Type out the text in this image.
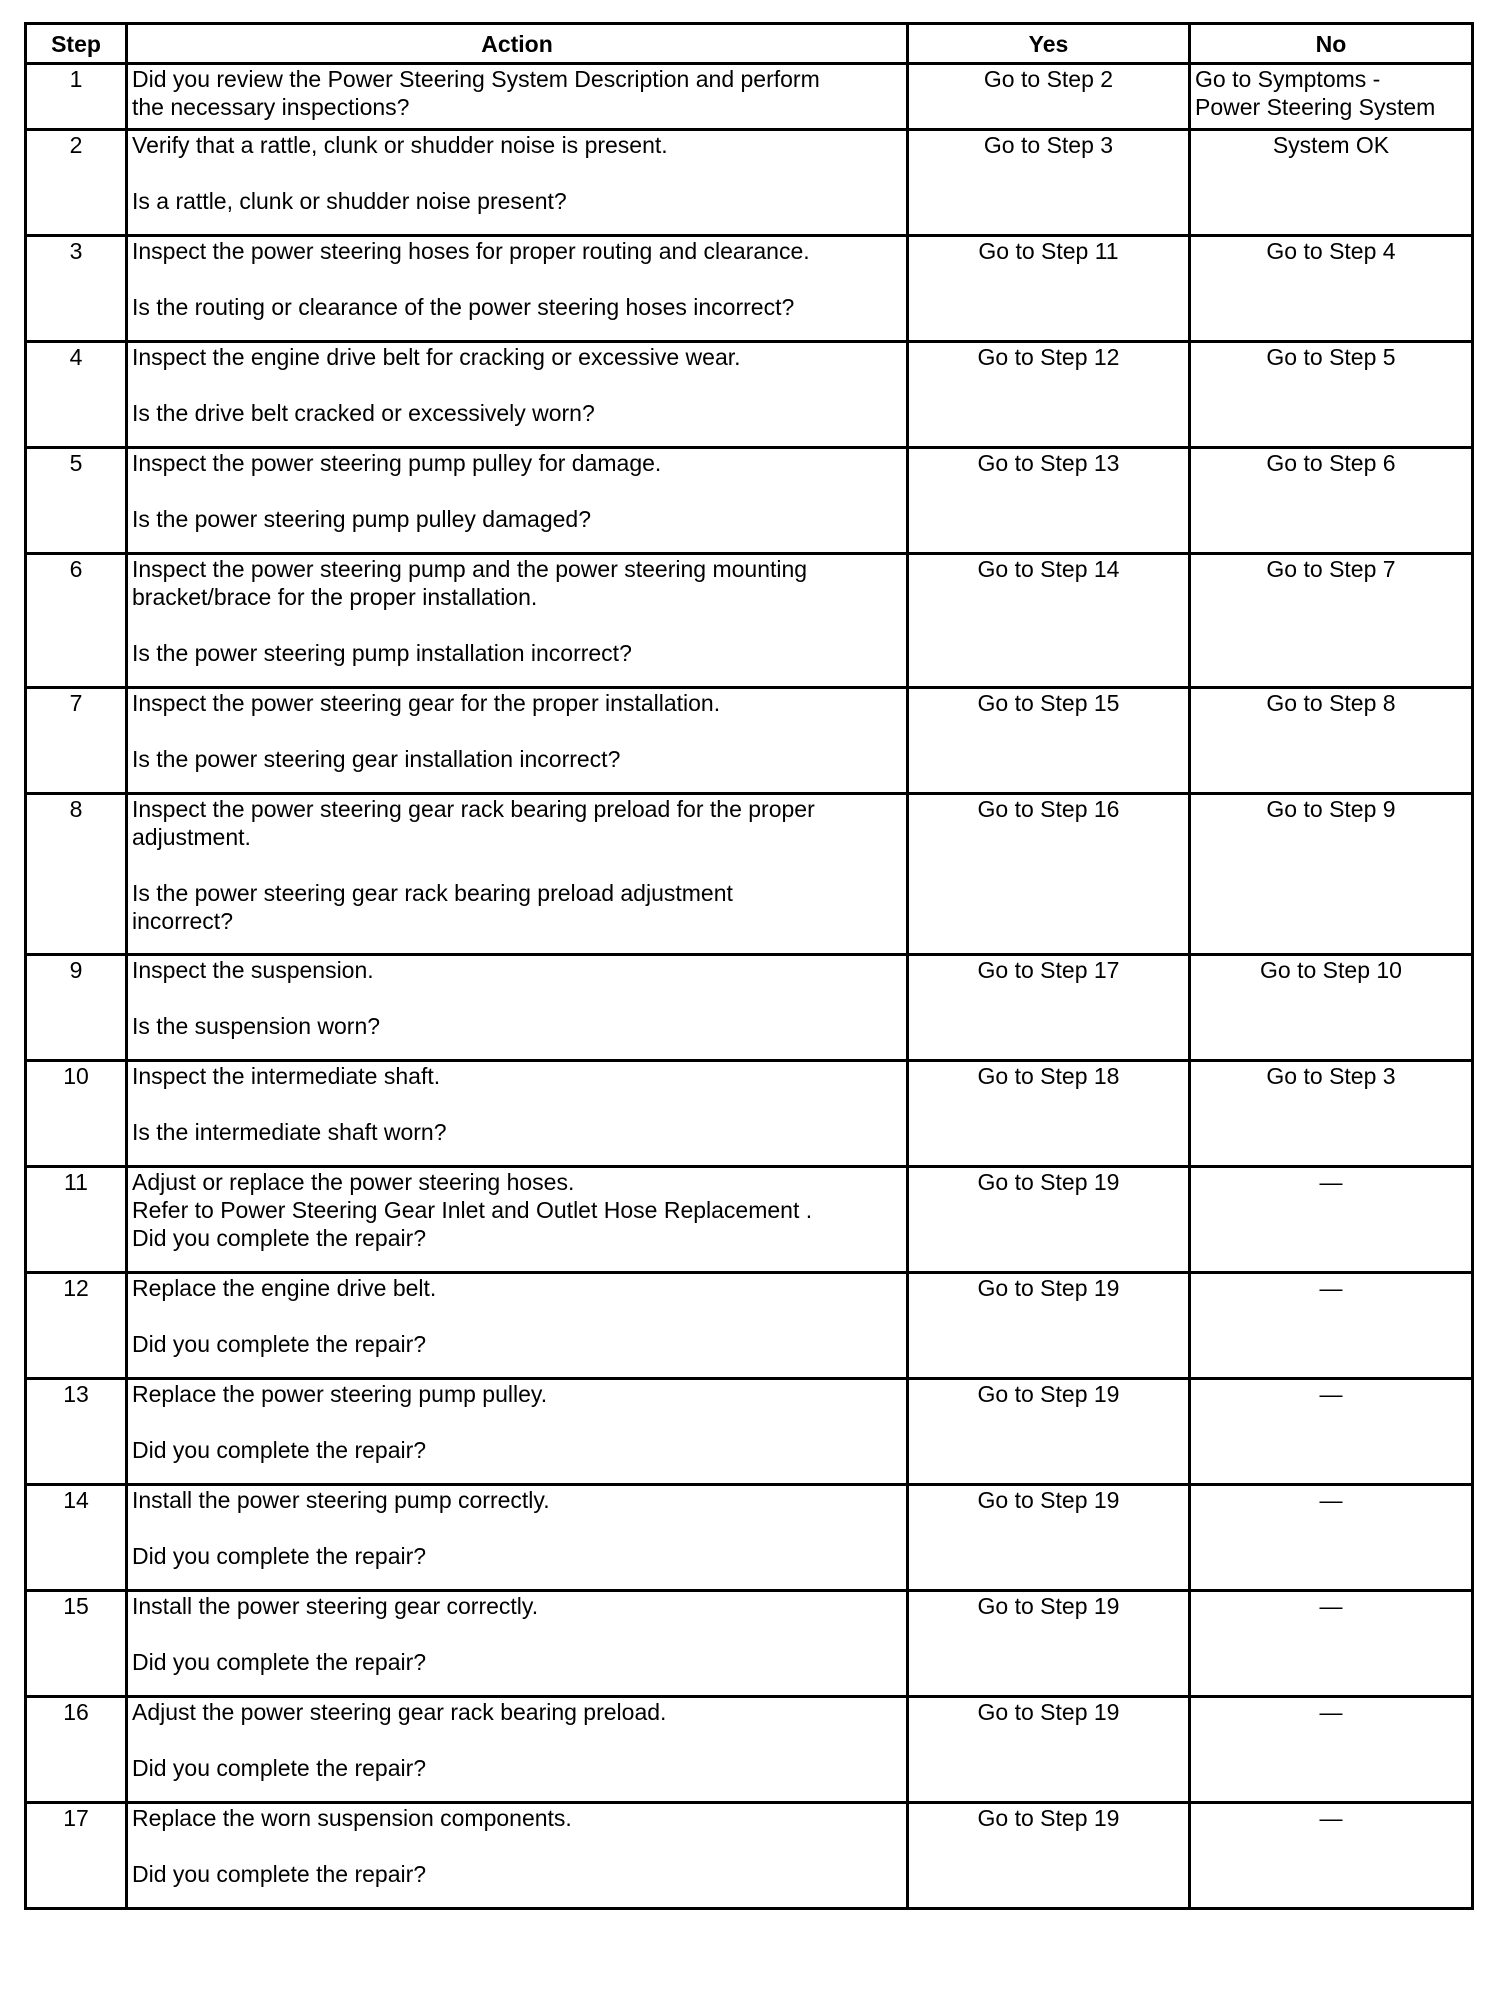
Step	Action	Yes	No
1	Did you review the Power Steering System Description and perform
the necessary inspections?	Go to Step 2	Go to Symptoms -
Power Steering System

2	Verify that a rattle, clunk or shudder noise is present.
Is a rattle, clunk or shudder noise present?	Go to Step 3	System OK

3	Inspect the power steering hoses for proper routing and clearance.
Is the routing or clearance of the power steering hoses incorrect?	Go to Step 11	Go to Step 4

4	Inspect the engine drive belt for cracking or excessive wear.
Is the drive belt cracked or excessively worn?	Go to Step 12	Go to Step 5

5	Inspect the power steering pump pulley for damage.
Is the power steering pump pulley damaged?	Go to Step 13	Go to Step 6

6	Inspect the power steering pump and the power steering mounting
bracket/brace for the proper installation.
Is the power steering pump installation incorrect?	Go to Step 14	Go to Step 7

7	Inspect the power steering gear for the proper installation.
Is the power steering gear installation incorrect?	Go to Step 15	Go to Step 8

8	Inspect the power steering gear rack bearing preload for the proper
adjustment.
Is the power steering gear rack bearing preload adjustment
incorrect?	Go to Step 16	Go to Step 9

9	Inspect the suspension.
Is the suspension worn?	Go to Step 17	Go to Step 10

10	Inspect the intermediate shaft.
Is the intermediate shaft worn?	Go to Step 18	Go to Step 3

11	Adjust or replace the power steering hoses.
Refer to Power Steering Gear Inlet and Outlet Hose Replacement .
Did you complete the repair?	Go to Step 19	—

12	Replace the engine drive belt.
Did you complete the repair?	Go to Step 19	—

13	Replace the power steering pump pulley.
Did you complete the repair?	Go to Step 19	—

14	Install the power steering pump correctly.
Did you complete the repair?	Go to Step 19	—

15	Install the power steering gear correctly.
Did you complete the repair?	Go to Step 19	—

16	Adjust the power steering gear rack bearing preload.
Did you complete the repair?	Go to Step 19	—

17	Replace the worn suspension components.
Did you complete the repair?	Go to Step 19	—
